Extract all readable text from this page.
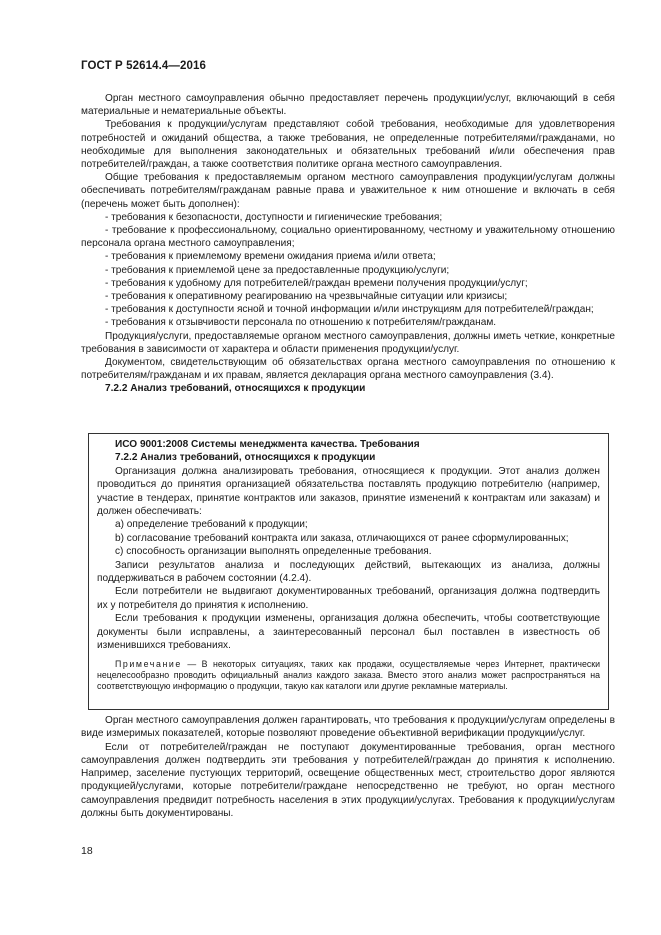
ГОСТ Р 52614.4—2016

Орган местного самоуправления обычно предоставляет перечень продукции/услуг, включающий в себя материальные и нематериальные объекты.

Требования к продукции/услугам представляют собой требования, необходимые для удовлетворения потребностей и ожиданий общества, а также требования, не определенные потребителями/гражданами, но необходимые для выполнения законодательных и обязательных требований и/или обеспечения прав потребителей/граждан, а также соответствия политике органа местного самоуправления.

Общие требования к предоставляемым органом местного самоуправления продукции/услугам должны обеспечивать потребителям/гражданам равные права и уважительное к ним отношение и включать в себя (перечень может быть дополнен):

- требования к безопасности, доступности и гигиенические требования;

- требование к профессиональному, социально ориентированному, честному и уважительному отношению персонала органа местного самоуправления;

- требования к приемлемому времени ожидания приема и/или ответа;

- требования к приемлемой цене за предоставленные продукцию/услуги;

- требования к удобному для потребителей/граждан времени получения продукции/услуг;

- требования к оперативному реагированию на чрезвычайные ситуации или кризисы;

- требования к доступности ясной и точной информации и/или инструкциям для потребителей/граждан;

- требования к отзывчивости персонала по отношению к потребителям/гражданам.

Продукция/услуги, предоставляемые органом местного самоуправления, должны иметь четкие, конкретные требования в зависимости от характера и области применения продукции/услуг.

Документом, свидетельствующим об обязательствах органа местного самоуправления по отношению к потребителям/гражданам и их правам, является декларация органа местного самоуправления (3.4).

7.2.2 Анализ требований, относящихся к продукции

ИСО 9001:2008 Системы менеджмента качества. Требования

7.2.2 Анализ требований, относящихся к продукции

Организация должна анализировать требования, относящиеся к продукции. Этот анализ должен проводиться до принятия организацией обязательства поставлять продукцию потребителю (например, участие в тендерах, принятие контрактов или заказов, принятие изменений к контрактам или заказам) и должен обеспечивать:

a) определение требований к продукции;

b) согласование требований контракта или заказа, отличающихся от ранее сформулированных;

c) способность организации выполнять определенные требования.

Записи результатов анализа и последующих действий, вытекающих из анализа, должны поддерживаться в рабочем состоянии (4.2.4).

Если потребители не выдвигают документированных требований, организация должна подтвердить их у потребителя до принятия к исполнению.

Если требования к продукции изменены, организация должна обеспечить, чтобы соответствующие документы были исправлены, а заинтересованный персонал был поставлен в известность об изменившихся требованиях.

Примечание — В некоторых ситуациях, таких как продажи, осуществляемые через Интернет, практически нецелесообразно проводить официальный анализ каждого заказа. Вместо этого анализ может распространяться на соответствующую информацию о продукции, такую как каталоги или другие рекламные материалы.

Орган местного самоуправления должен гарантировать, что требования к продукции/услугам определены в виде измеримых показателей, которые позволяют проведение объективной верификации продукции/услуг.

Если от потребителей/граждан не поступают документированные требования, орган местного самоуправления должен подтвердить эти требования у потребителей/граждан до принятия к исполнению. Например, заселение пустующих территорий, освещение общественных мест, строительство дорог являются продукцией/услугами, которые потребители/граждане непосредственно не требуют, но орган местного самоуправления предвидит потребность населения в этих продукции/услугах. Требования к продукции/услугам должны быть документированы.

18
